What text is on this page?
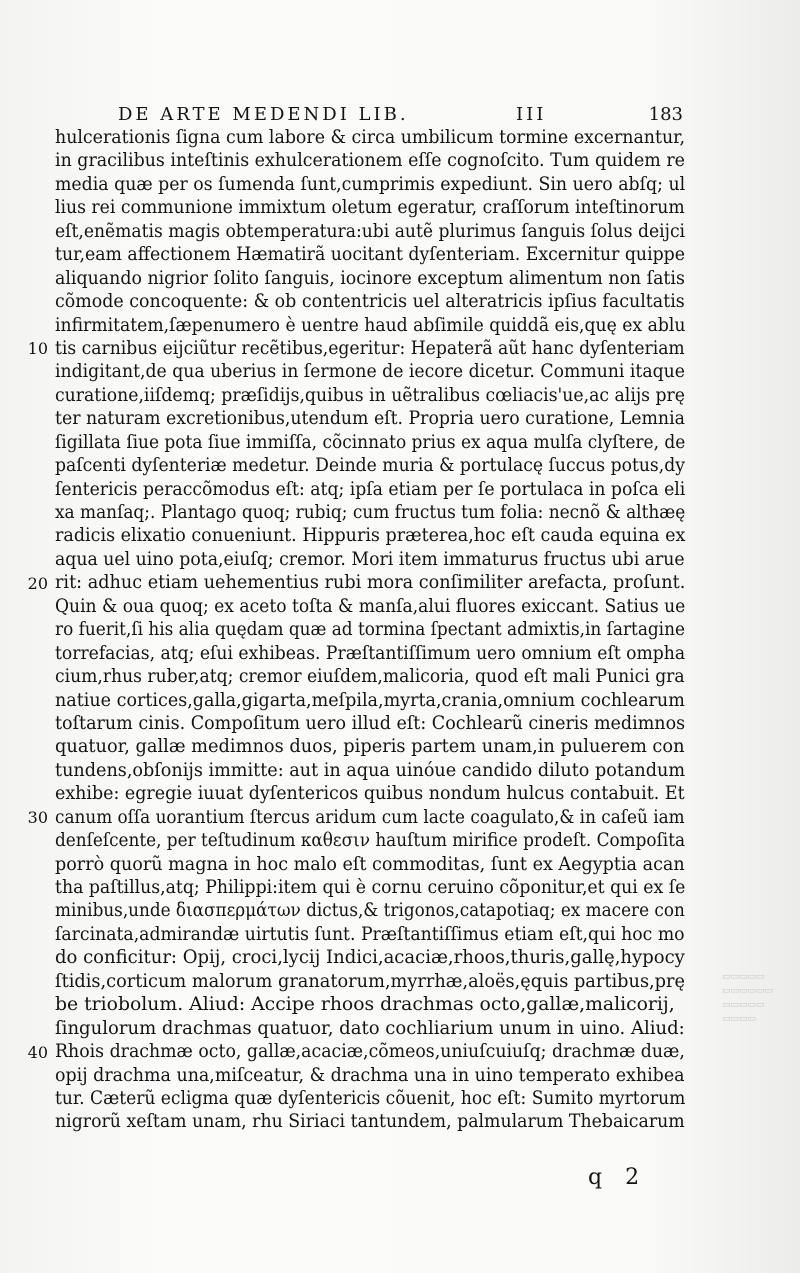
DE ARTE MEDENDI LIB.	III	183
hulcerationis ſigna cum labore & circa umbilicum tormine excernantur,
in gracilibus inteſtinis exhulcerationem eſſe cognoſcito. Tum quidem re
media quæ per os ſumenda ſunt,cumprimis expediunt. Sin uero abſq; ul
lius rei communione immixtum oletum egeratur, craſſorum inteſtinorum
eſt,enẽmatis magis obtemperatura:ubi autẽ plurimus ſanguis ſolus deijci
tur,eam affectionem Hæmatirã uocitant dyſenteriam. Excernitur quippe
aliquando nigrior ſolito ſanguis, iocinore exceptum alimentum non ſatis
cõmode concoquente: & ob contentricis uel alteratricis ipſius facultatis
infirmitatem,ſæpenumero è uentre haud abſimile quiddã eis,quę ex ablu
tis carnibus eijciũtur recẽtibus,egeritur: Hepaterã aũt hanc dyſenteriam
indigitant,de qua uberius in ſermone de iecore dicetur. Communi itaque
curatione,iiſdemq; præſidijs,quibus in uẽtralibus cœliacis'ue,ac alijs prę
ter naturam excretionibus,utendum eſt. Propria uero curatione, Lemnia
ſigillata ſiue pota ſiue immiſſa, cõcinnato prius ex aqua mulſa clyſtere, de
paſcenti dyſenteriæ medetur. Deinde muria & portulacę ſuccus potus,dy
ſentericis peraccõmodus eſt: atq; ipſa etiam per ſe portulaca in poſca eli
xa manſaq;. Plantago quoq; rubiq; cum fructus tum folia: necnõ & althæę
radicis elixatio conueniunt. Hippuris præterea,hoc eſt cauda equina ex
aqua uel uino pota,eiuſq; cremor. Mori item immaturus fructus ubi arue
rit: adhuc etiam uehementius rubi mora conſimiliter arefacta, proſunt.
Quin & oua quoq; ex aceto toſta & manſa,alui fluores exiccant. Satius ue
ro fuerit,ſi his alia quędam quæ ad tormina ſpectant admixtis,in ſartagine
torrefacias, atq; eſui exhibeas. Præſtantiſſimum uero omnium eſt ompha
cium,rhus ruber,atq; cremor eiuſdem,malicoria, quod eſt mali Punici gra
natiue cortices,galla,gigarta,meſpila,myrta,crania,omnium cochlearum
toſtarum cinis. Compoſitum uero illud eſt: Cochlearũ cineris medimnos
quatuor, gallæ medimnos duos, piperis partem unam,in puluerem con
tundens,obſonijs immitte: aut in aqua uinóue candido diluto potandum
exhibe: egregie iuuat dyſentericos quibus nondum hulcus contabuit. Et
canum oſſa uorantium ſtercus aridum cum lacte coagulato,& in caſeũ iam
denſeſcente, per teſtudinum καθεσιν hauſtum mirifice prodeſt. Compoſita
porrò quorũ magna in hoc malo eſt commoditas, ſunt ex Aegyptia acan
tha paſtillus,atq; Philippi:item qui è cornu ceruino cõponitur,et qui ex ſe
minibus,unde διασπερμάτων dictus,& trigonos,catapotiaq; ex macere con
ſarcinata,admirandæ uirtutis ſunt. Præſtantiſſimus etiam eſt,qui hoc mo
do conficitur: Opij, croci,lycij Indici,acaciæ,rhoos,thuris,gallę,hypocy
ſtidis,corticum malorum granatorum,myrrhæ,aloës,ęquis partibus,prę
be triobolum. Aliud: Accipe rhoos drachmas octo,gallæ,malicorij,
ſingulorum drachmas quatuor, dato cochliarium unum in uino. Aliud:
Rhois drachmæ octo, gallæ,acaciæ,cõmeos,uniuſcuiuſq; drachmæ duæ,
opij drachma una,miſceatur, & drachma una in uino temperato exhibea
tur. Cæterũ ecligma quæ dyſentericis cõuenit, hoc eſt: Sumito myrtorum
nigrorũ xeſtam unam, rhu Siriaci tantundem, palmularum Thebaicarum
10
20
30
40
q 2
▭▭▭▭▭
▭▭▭▭▭▭
▭▭▭▭▭
▭▭▭▭
